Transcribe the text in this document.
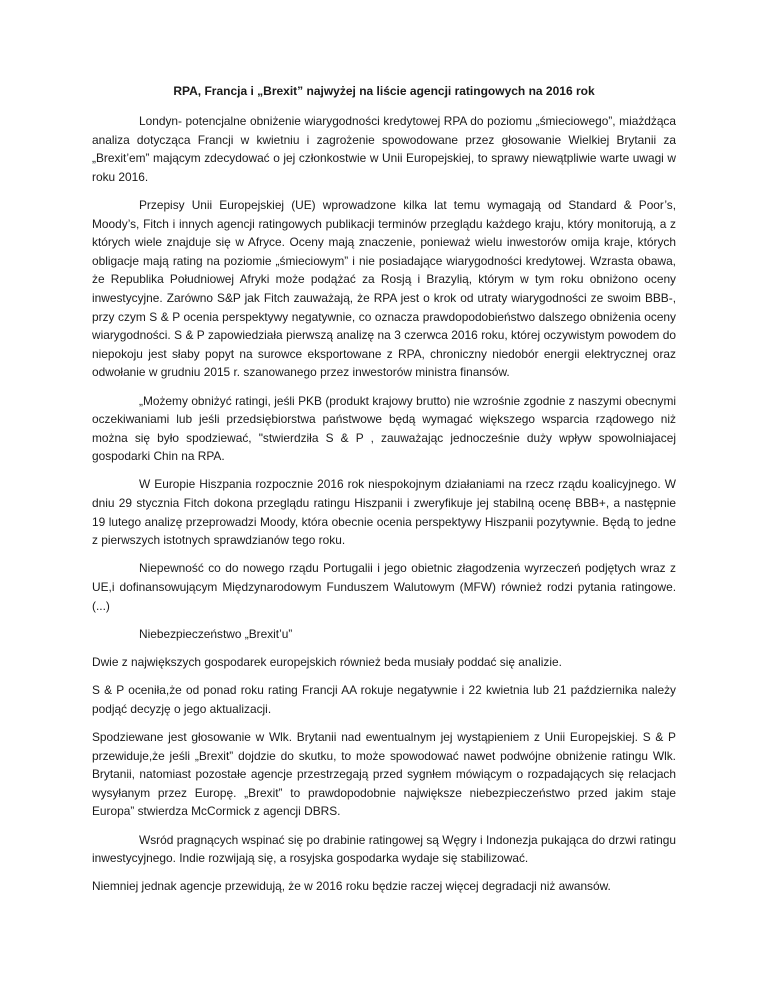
RPA, Francja i „Brexit” najwyżej na liście agencji ratingowych na 2016 rok

Londyn- potencjalne obniżenie wiarygodności kredytowej RPA do poziomu „śmieciowego”, miażdżąca analiza dotycząca Francji w kwietniu i zagrożenie spowodowane przez głosowanie Wielkiej Brytanii za „Brexit’em” mającym zdecydować o jej członkostwie w Unii Europejskiej, to sprawy niewątpliwie warte uwagi w roku 2016.

Przepisy Unii Europejskiej (UE) wprowadzone kilka lat temu wymagają od Standard & Poor’s, Moody’s, Fitch i innych agencji ratingowych publikacji terminów przeglądu każdego kraju, który monitorują, a z których wiele znajduje się w Afryce. Oceny mają znaczenie, ponieważ wielu inwestorów omija kraje, których obligacje mają rating na poziomie „śmieciowym” i nie posiadające wiarygodności kredytowej. Wzrasta obawa, że Republika Południowej Afryki może podążać za Rosją i Brazylią, którym w tym roku obniżono oceny inwestycyjne. Zarówno S&P jak Fitch zauważają, że RPA jest o krok od utraty wiarygodności ze swoim BBB-, przy czym S & P ocenia perspektywy negatywnie, co oznacza prawdopodobieństwo dalszego obniżenia oceny wiarygodności. S & P zapowiedziała pierwszą analizę na 3 czerwca 2016 roku, której oczywistym powodem do niepokoju jest słaby popyt na surowce eksportowane z RPA, chroniczny niedobór energii elektrycznej oraz odwołanie w grudniu 2015 r. szanowanego przez inwestorów ministra finansów.

„Możemy obniżyć ratingi, jeśli PKB (produkt krajowy brutto) nie wzrośnie zgodnie z naszymi obecnymi oczekiwaniami lub jeśli przedsiębiorstwa państwowe będą wymagać większego wsparcia rządowego niż można się było spodziewać, "stwierdziła S & P , zauważając jednocześnie duży wpływ spowolniajacej gospodarki Chin na RPA.

W Europie Hiszpania rozpocznie 2016 rok niespokojnym działaniami na rzecz rządu koalicyjnego. W dniu 29 stycznia Fitch dokona przeglądu ratingu Hiszpanii i zweryfikuje jej stabilną ocenę BBB+, a następnie 19 lutego analizę przeprowadzi Moody, która obecnie ocenia perspektywy Hiszpanii pozytywnie. Będą to jedne z pierwszych istotnych sprawdzianów tego roku.

Niepewność co do nowego rządu Portugalii i jego obietnic złagodzenia wyrzeczeń podjętych wraz z UE,i dofinansowującym Międzynarodowym Funduszem Walutowym (MFW) również rodzi pytania ratingowe. (...)

Niebezpieczeństwo „Brexit’u”

Dwie z największych gospodarek europejskich również beda musiały poddać się analizie.

S & P oceniła,że od ponad roku rating Francji AA rokuje negatywnie i 22 kwietnia lub 21 października należy podjąć decyzję o jego aktualizacji.

Spodziewane jest głosowanie w Wlk. Brytanii nad ewentualnym jej wystąpieniem z Unii Europejskiej. S & P przewiduje,że jeśli „Brexit” dojdzie do skutku, to może spowodować nawet podwójne obniżenie ratingu Wlk. Brytanii, natomiast pozostałe agencje przestrzegają przed sygnłem mówiącym o rozpadających się relacjach wysyłanym przez Europę. „Brexit” to prawdopodobnie największe niebezpieczeństwo przed jakim staje Europa” stwierdza McCormick z agencji DBRS.

Wsród pragnących wspinać się po drabinie ratingowej są Węgry i Indonezja pukająca do drzwi ratingu inwestycyjnego. Indie rozwijają się, a rosyjska gospodarka wydaje się stabilizować.

Niemniej jednak agencje przewidują, że w 2016 roku będzie raczej więcej degradacji niż awansów.
